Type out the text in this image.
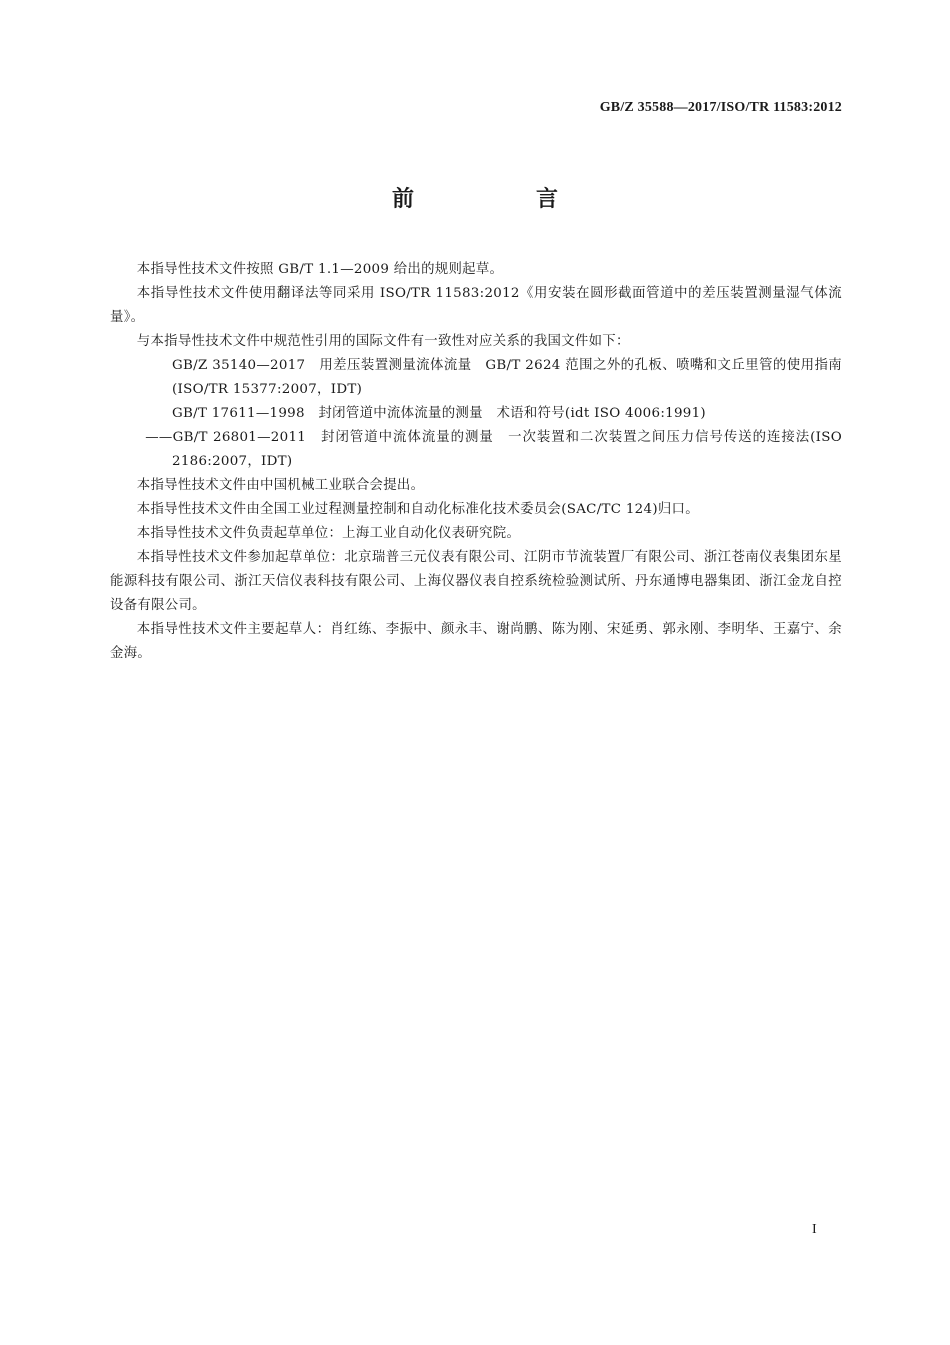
GB/Z 35588—2017/ISO/TR 11583:2012
前　言

本指导性技术文件按照 GB/T 1.1—2009 给出的规则起草。

本指导性技术文件使用翻译法等同采用 ISO/TR 11583:2012《用安装在圆形截面管道中的差压装置测量湿气体流量》。

与本指导性技术文件中规范性引用的国际文件有一致性对应关系的我国文件如下：

GB/Z 35140—2017　用差压装置测量流体流量　GB/T 2624 范围之外的孔板、喷嘴和文丘里管的使用指南(ISO/TR 15377:2007，IDT)

GB/T 17611—1998　封闭管道中流体流量的测量　术语和符号(idt ISO 4006:1991)

——GB/T 26801—2011　封闭管道中流体流量的测量　一次装置和二次装置之间压力信号传送的连接法(ISO 2186:2007，IDT)

本指导性技术文件由中国机械工业联合会提出。

本指导性技术文件由全国工业过程测量控制和自动化标准化技术委员会(SAC/TC 124)归口。

本指导性技术文件负责起草单位：上海工业自动化仪表研究院。

本指导性技术文件参加起草单位：北京瑞普三元仪表有限公司、江阴市节流装置厂有限公司、浙江苍南仪表集团东星能源科技有限公司、浙江天信仪表科技有限公司、上海仪器仪表自控系统检验测试所、丹东通博电器集团、浙江金龙自控设备有限公司。

本指导性技术文件主要起草人：肖红练、李振中、颜永丰、谢尚鹏、陈为刚、宋延勇、郭永刚、李明华、王嘉宁、余金海。

I
